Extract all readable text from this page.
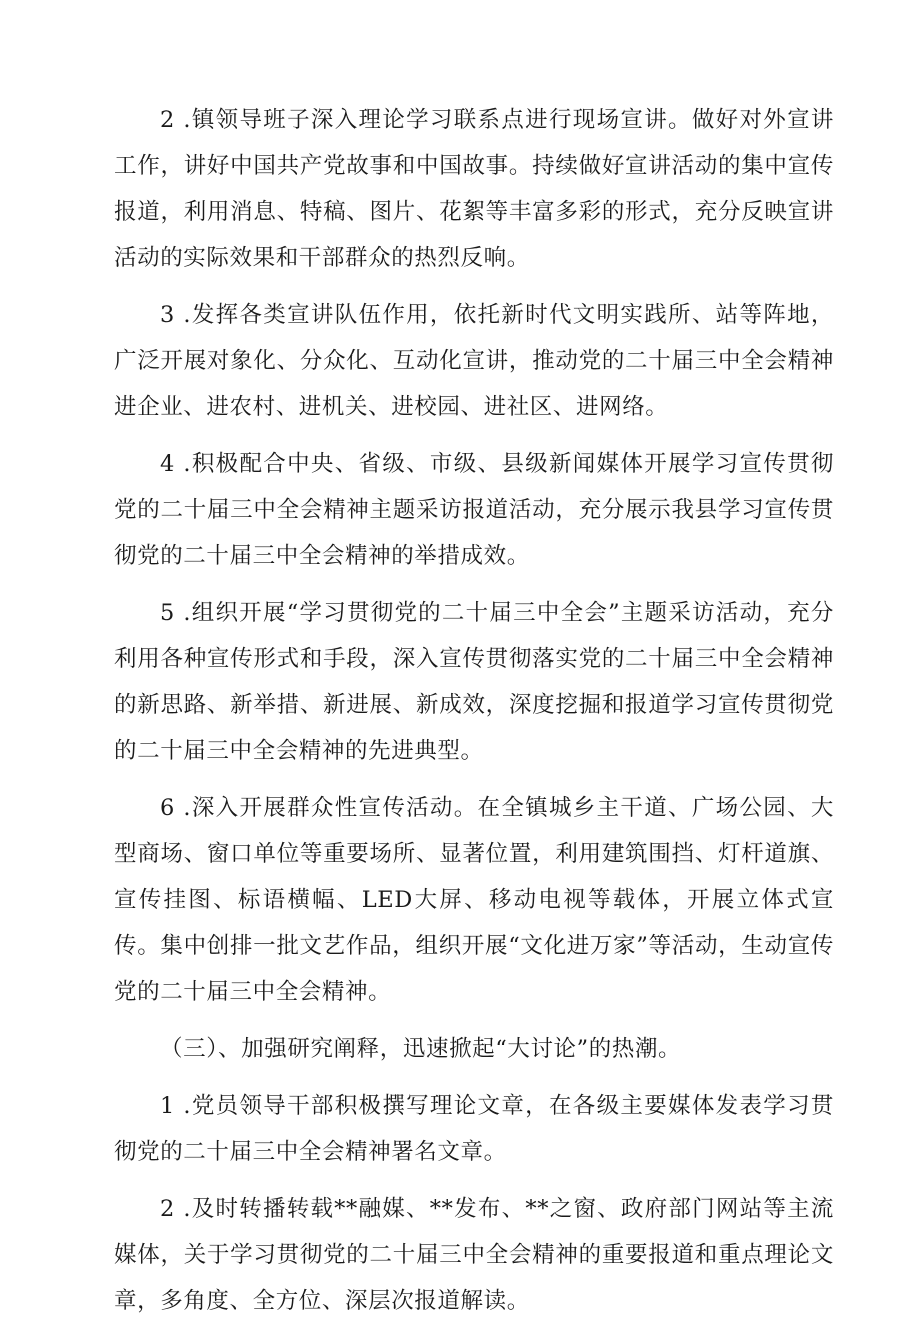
2 .镇领导班子深入理论学习联系点进行现场宣讲。做好对外宣讲工作，讲好中国共产党故事和中国故事。持续做好宣讲活动的集中宣传报道，利用消息、特稿、图片、花絮等丰富多彩的形式，充分反映宣讲活动的实际效果和干部群众的热烈反响。

3 .发挥各类宣讲队伍作用，依托新时代文明实践所、站等阵地，广泛开展对象化、分众化、互动化宣讲，推动党的二十届三中全会精神进企业、进农村、进机关、进校园、进社区、进网络。

4 .积极配合中央、省级、市级、县级新闻媒体开展学习宣传贯彻党的二十届三中全会精神主题采访报道活动，充分展示我县学习宣传贯彻党的二十届三中全会精神的举措成效。

5 .组织开展“学习贯彻党的二十届三中全会”主题采访活动，充分利用各种宣传形式和手段，深入宣传贯彻落实党的二十届三中全会精神的新思路、新举措、新进展、新成效，深度挖掘和报道学习宣传贯彻党的二十届三中全会精神的先进典型。

6 .深入开展群众性宣传活动。在全镇城乡主干道、广场公园、大型商场、窗口单位等重要场所、显著位置，利用建筑围挡、灯杆道旗、宣传挂图、标语横幅、LED大屏、移动电视等载体，开展立体式宣传。集中创排一批文艺作品，组织开展“文化进万家”等活动，生动宣传党的二十届三中全会精神。

（三）、加强研究阐释，迅速掀起“大讨论”的热潮。

1 .党员领导干部积极撰写理论文章，在各级主要媒体发表学习贯彻党的二十届三中全会精神署名文章。

2 .及时转播转载**融媒、**发布、**之窗、政府部门网站等主流媒体，关于学习贯彻党的二十届三中全会精神的重要报道和重点理论文章，多角度、全方位、深层次报道解读。
